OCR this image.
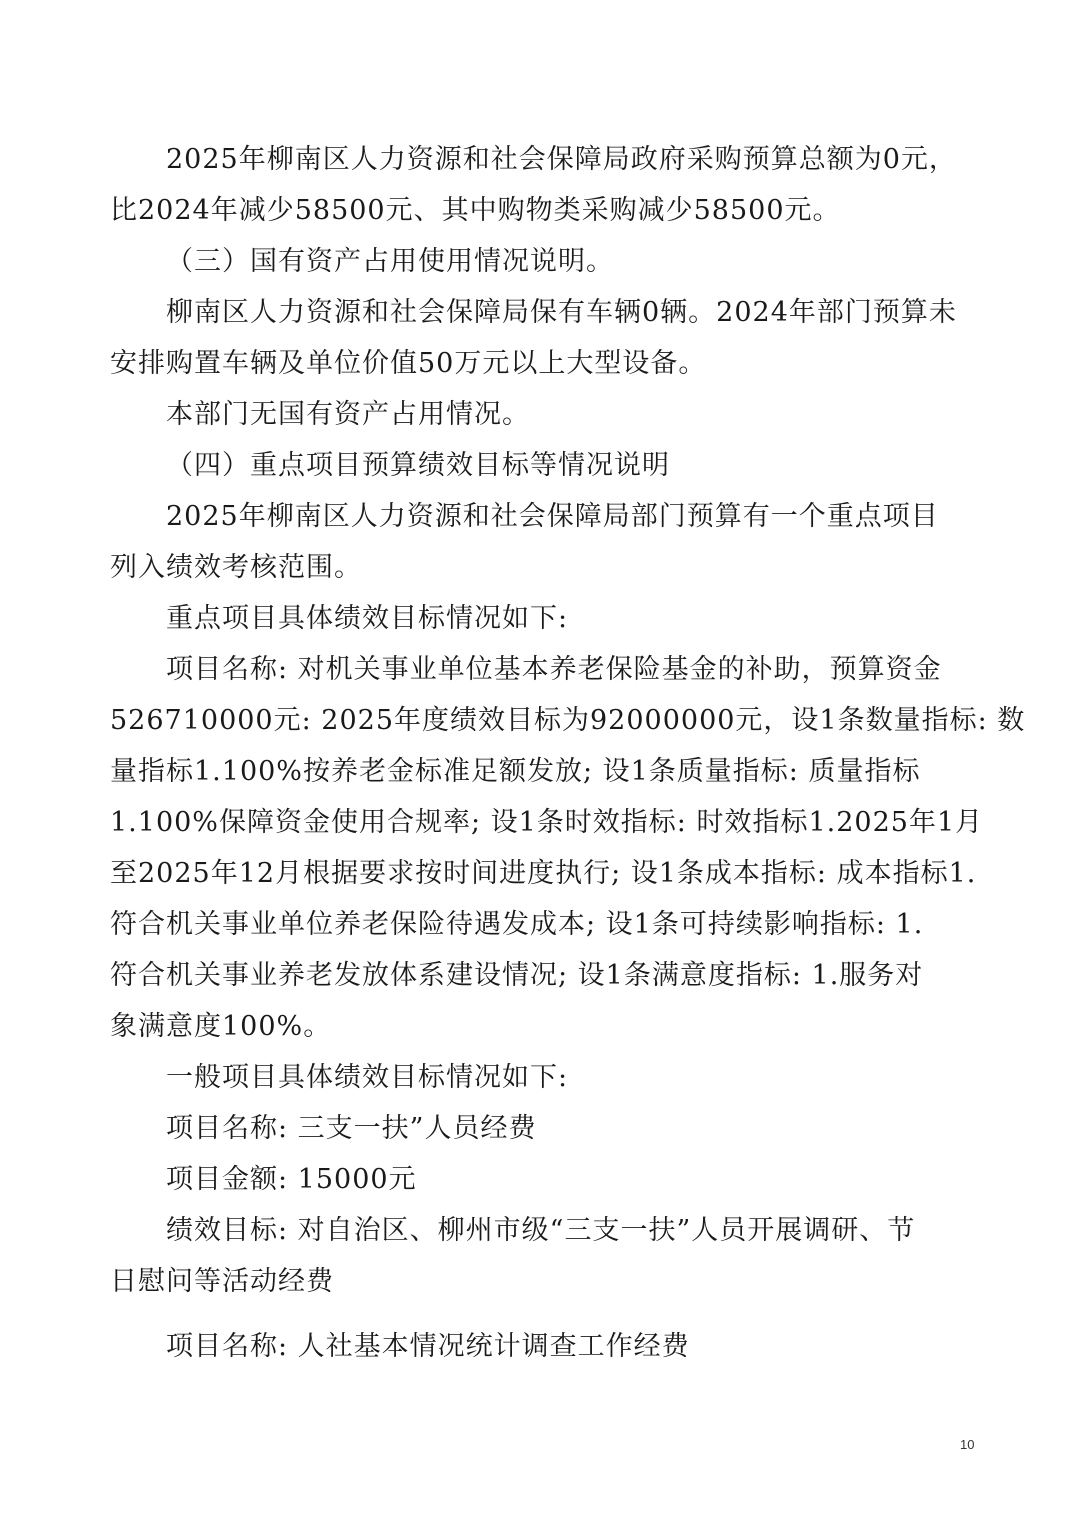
2025年柳南区人力资源和社会保障局政府采购预算总额为0元，
比2024年减少58500元、其中购物类采购减少58500元。
（三）国有资产占用使用情况说明。
柳南区人力资源和社会保障局保有车辆0辆。2024年部门预算未
安排购置车辆及单位价值50万元以上大型设备。
本部门无国有资产占用情况。
（四）重点项目预算绩效目标等情况说明
2025年柳南区人力资源和社会保障局部门预算有一个重点项目
列入绩效考核范围。
重点项目具体绩效目标情况如下:
项目名称: 对机关事业单位基本养老保险基金的补助，预算资金
526710000元: 2025年度绩效目标为92000000元，设1条数量指标: 数
量指标1.100%按养老金标准足额发放; 设1条质量指标: 质量指标
1.100%保障资金使用合规率; 设1条时效指标: 时效指标1.2025年1月
至2025年12月根据要求按时间进度执行; 设1条成本指标: 成本指标1.
符合机关事业单位养老保险待遇发成本; 设1条可持续影响指标: 1.
符合机关事业养老发放体系建设情况; 设1条满意度指标: 1.服务对
象满意度100%。
一般项目具体绩效目标情况如下:
项目名称: 三支一扶”人员经费
项目金额: 15000元
绩效目标: 对自治区、柳州市级“三支一扶”人员开展调研、节
日慰问等活动经费
项目名称: 人社基本情况统计调查工作经费
10
